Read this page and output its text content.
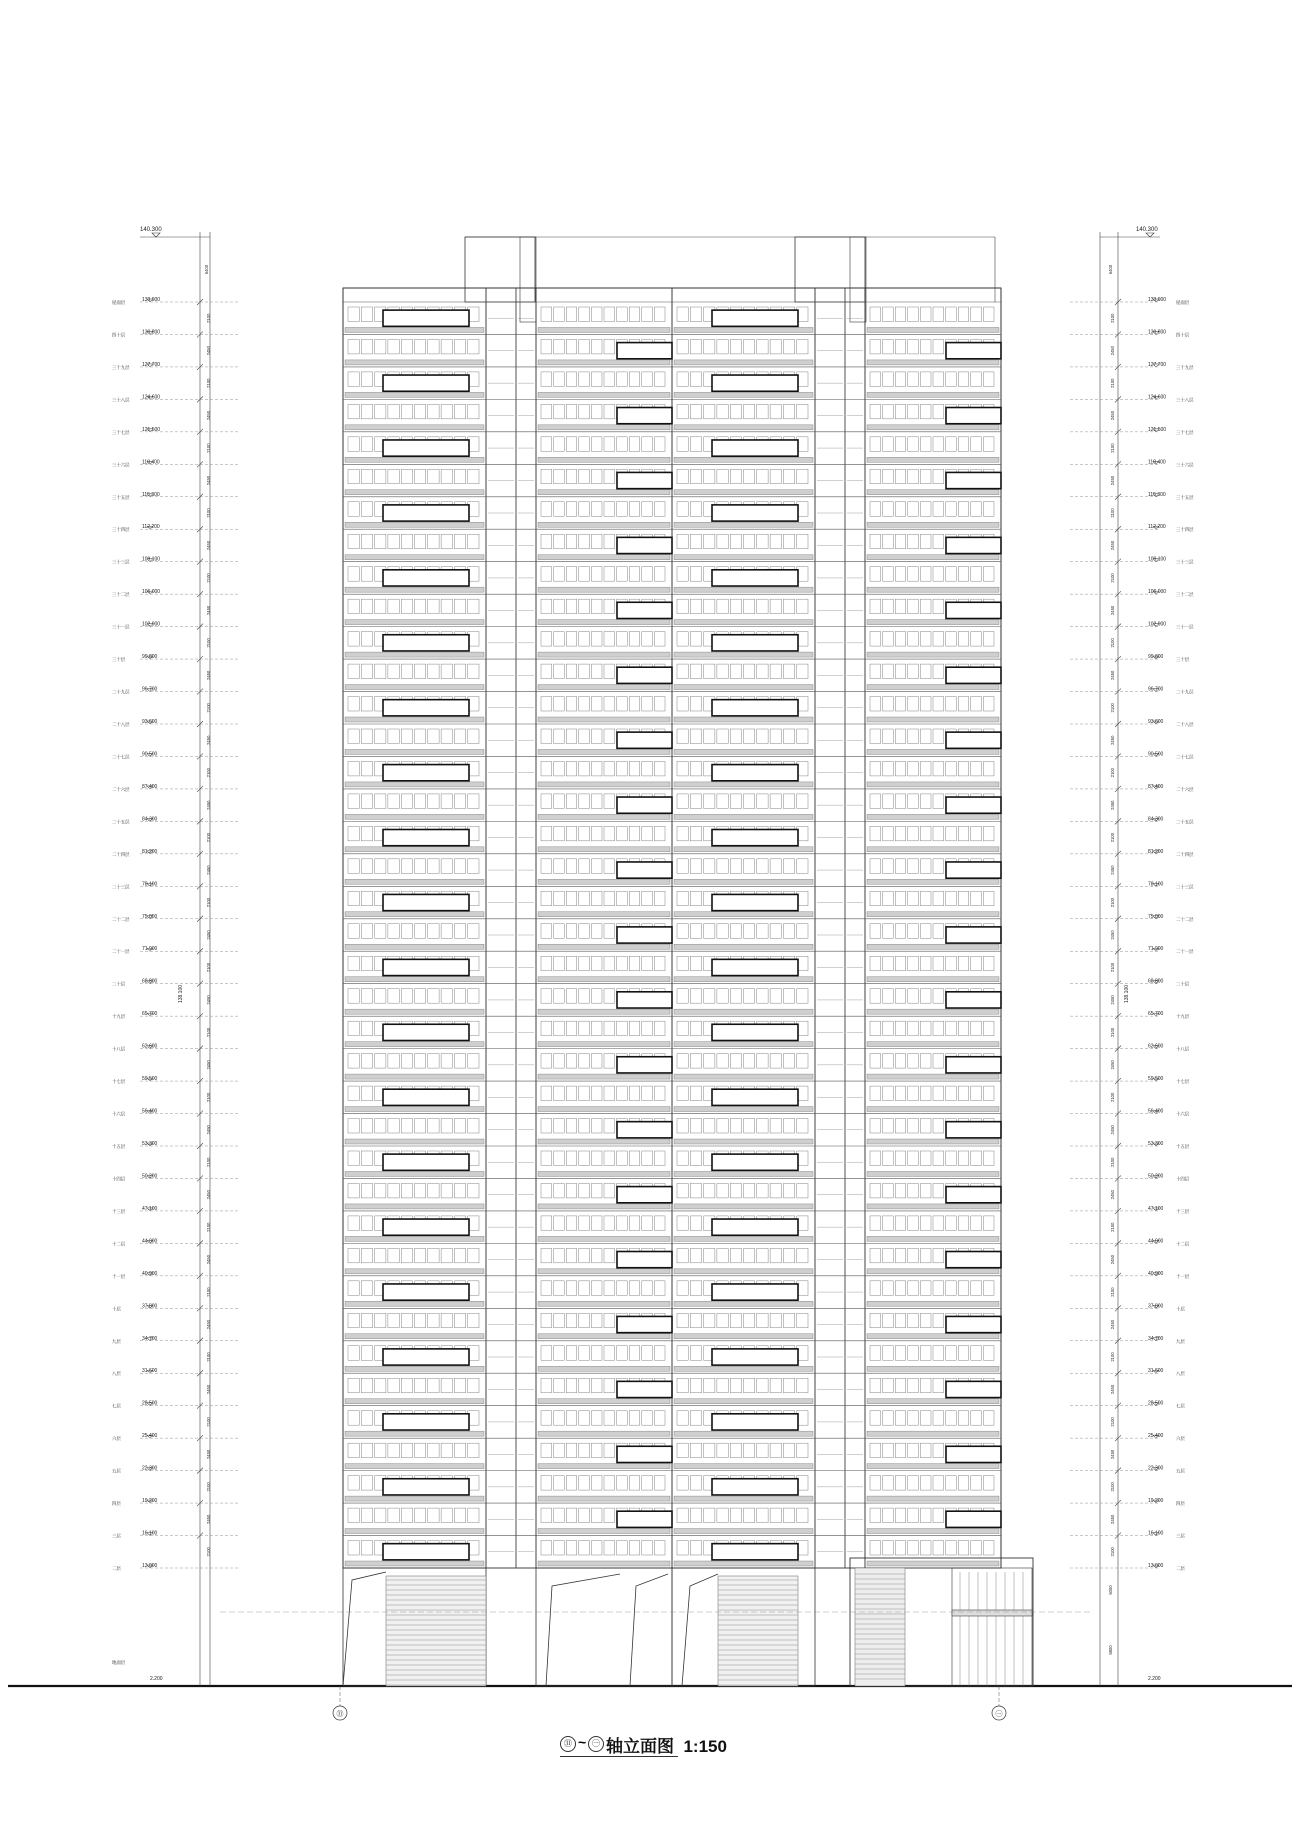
140.300	140.300
屋面层	133.900	133.900 屋面层
2100	2100
四十层	130.800	130.800 四十层
2450	2450
三十九层 127.700	127.700 三十九层
2100	2100
三十八层 124.600	124.600 三十八层
2450	2450
三十七层 121.500	121.500 三十七层
2100	2100
三十六层 118.400	118.400 三十六层
2450	2450
三十五层 115.300	115.300 三十五层
2100	2100
三十四层 112.200	112.200 三十四层
2450	2450
三十三层 109.100	109.100 三十三层
2100	2100
三十二层 106.000	106.000 三十二层
2450	2450
三十一层 102.900	102.900 三十一层
2100	2100
三十层	99.800	99.800	三十层
2450	2450
二十九层 96.700	96.700	二十九层
2100	2100
二十八层 93.600	93.600	二十八层
2450	2450
二十七层 90.500	90.500	二十七层
2100	2100
二十六层 87.400	87.400	二十六层
2450	2450
二十五层 84.300	84.300	二十五层
2100	2100
二十四层 81.200	81.200	二十四层
2450	2450
二十三层 78.100	78.100	二十三层
2100	2100
二十二层 75.000	75.000	二十二层
2450	2450
二十一层 71.900	71.900	二十一层
2100	2100
二十层	68.800	68.800	二十层
2450	2450
十九层	65.700	65.700	十九层
2100	2100
十八层	62.600	62.600	十八层
2450	2450
十七层	59.500	59.500	十七层
2100	2100
十六层	56.400	56.400	十六层
2450	2450
十五层	53.300	53.300	十五层
2100	2100
十四层	50.200	50.200	十四层
2450	2450
十三层	47.100	47.100	十三层
2100	2100
十二层	44.000	44.000	十二层
2450	2450
十一层	40.900	40.900	十一层
2100	2100
十层	37.800	37.800	十层
2450	2450
九层	34.700	34.700	九层
2100	2100
八层	31.600	31.600	八层
2450	2450
七层	28.500	28.500	七层
2100	2100
六层	25.400	25.400	六层
2450	2450
五层	22.300	22.300	五层
2100	2100
四层	19.200	19.200	四层
2450	2450
三层	16.100	16.100	三层
2100	2100
二层	13.000	13.000	二层
138.100	138.100
6400	6400
5000
5800
地面层
2.200	2.200
㉛	㊀
㉛ ~ ㊀ 轴立面图 1:150
